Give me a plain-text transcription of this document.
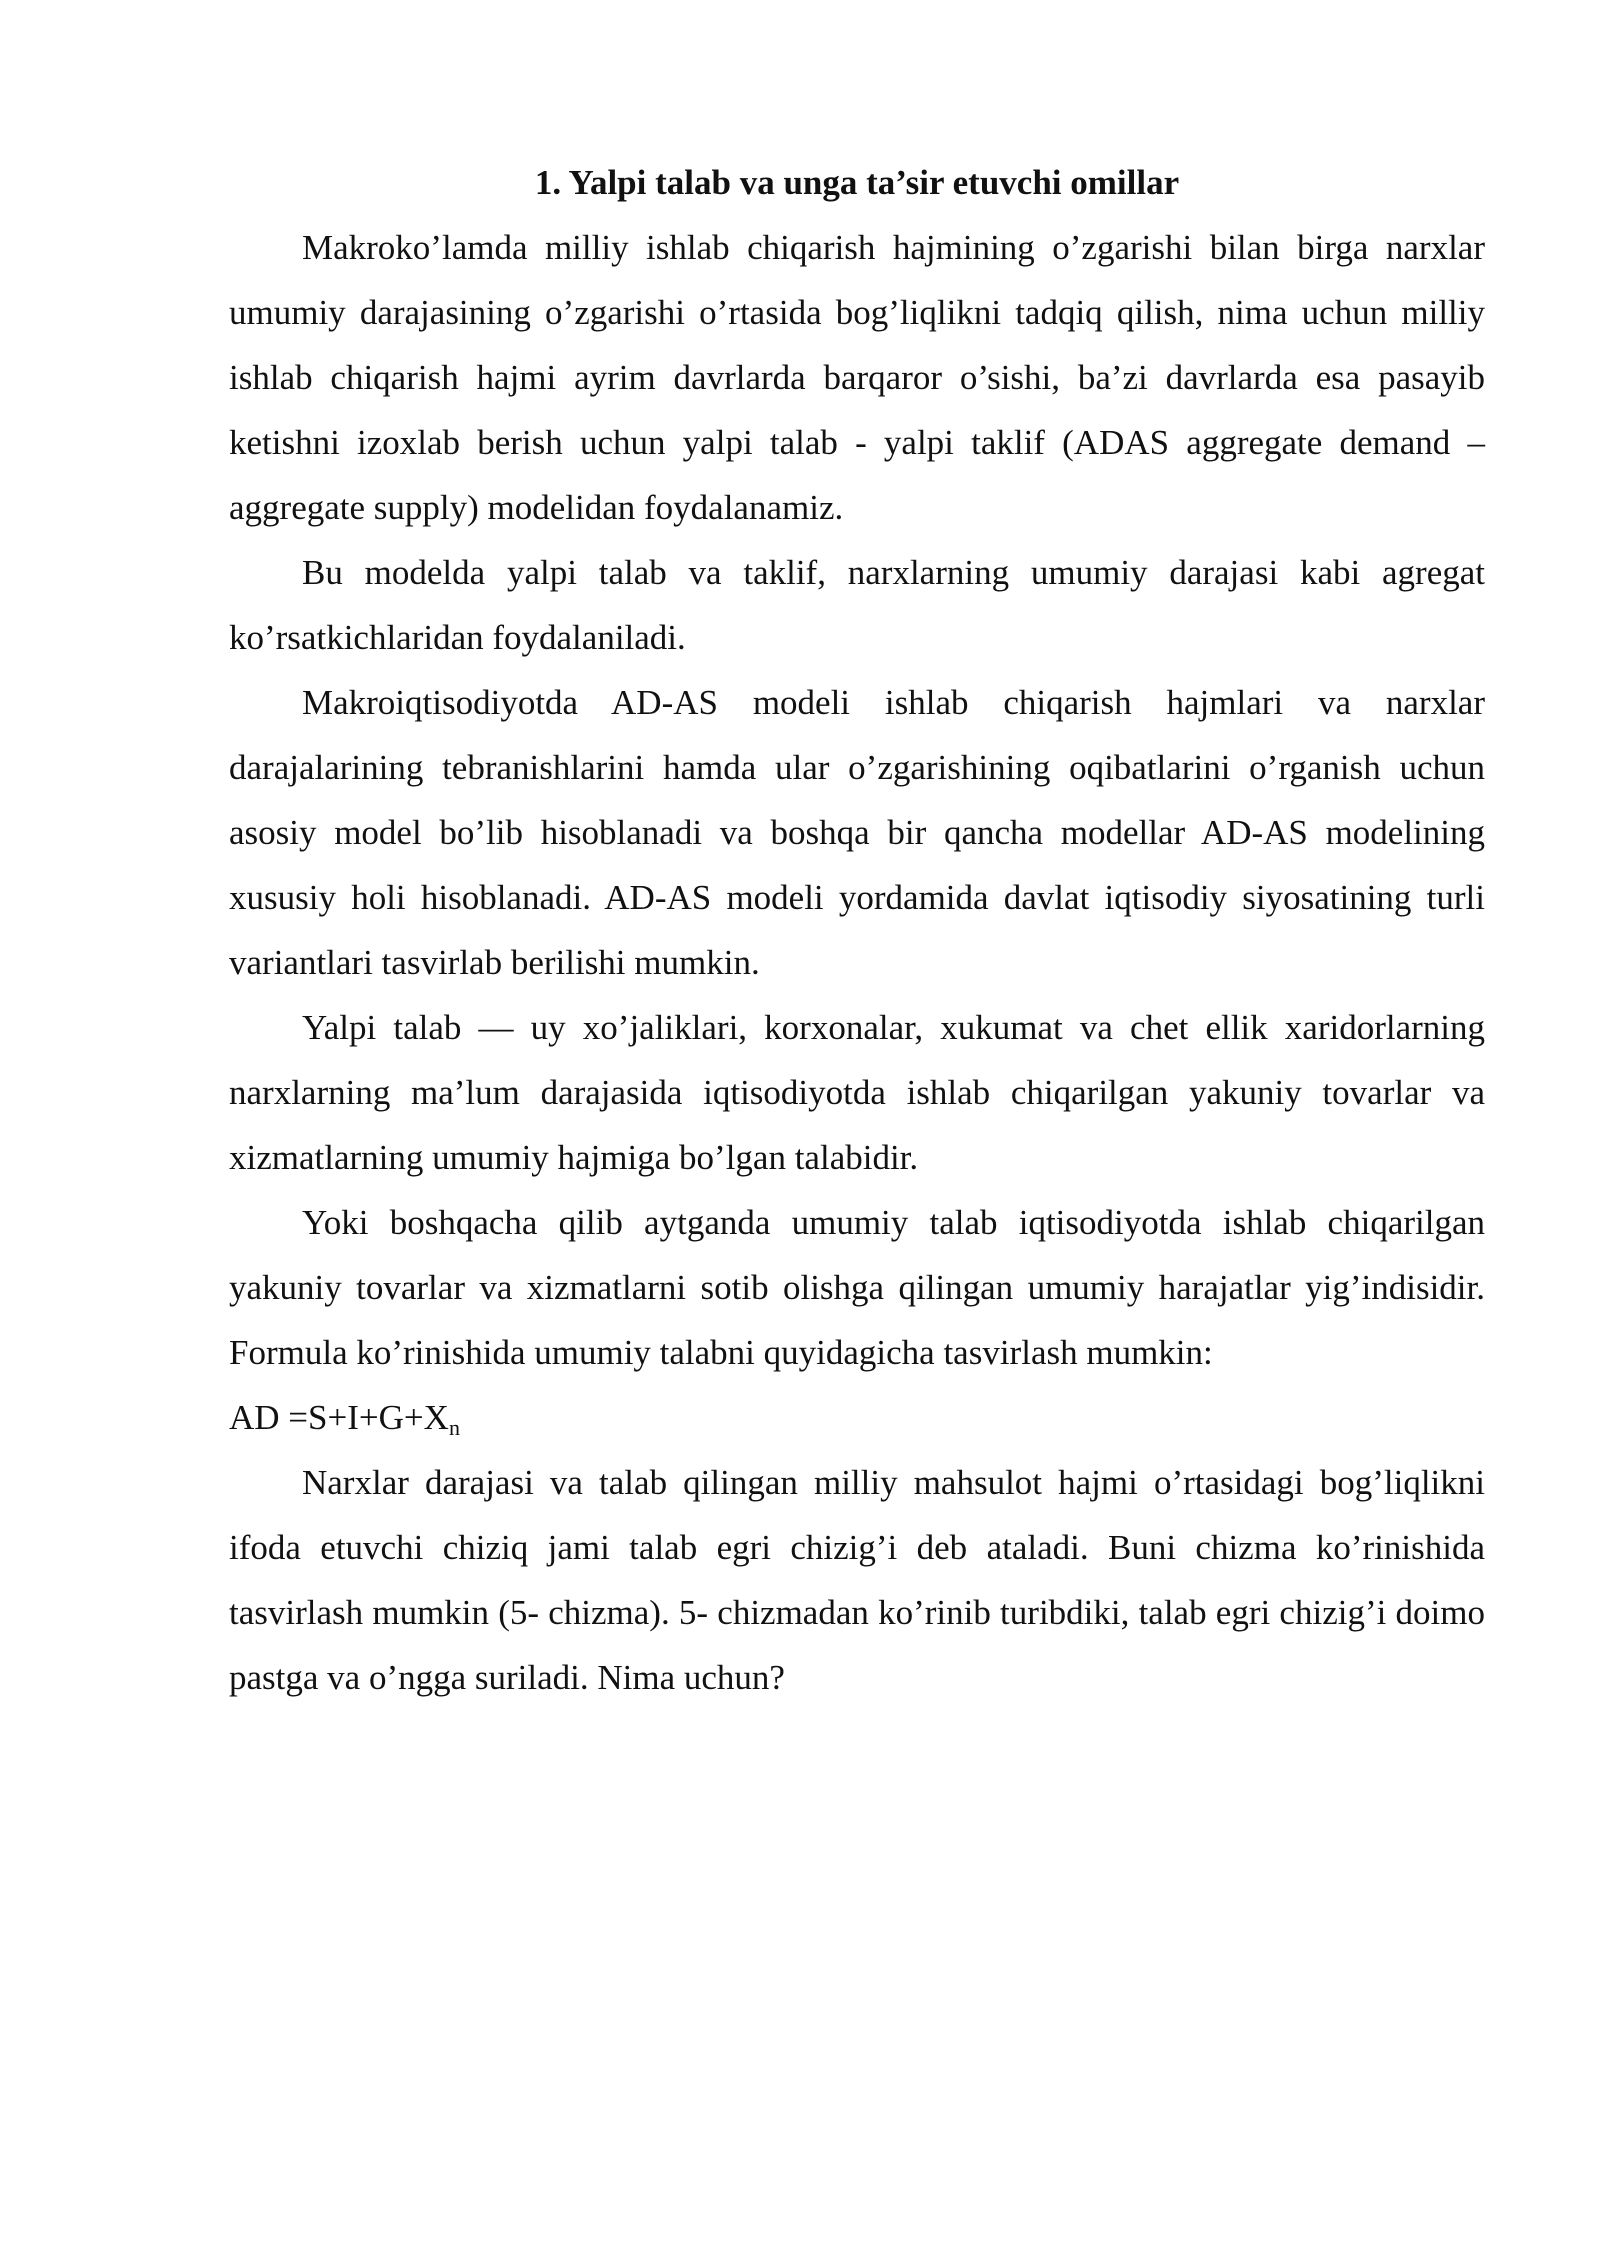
1. Yalpi talab va unga ta’sir etuvchi omillar

Makroko’lamda milliy ishlab chiqarish hajmining o’zgarishi bilan birga narxlar umumiy darajasining o’zgarishi o’rtasida bog’liqlikni tadqiq qilish, nima uchun milliy ishlab chiqarish hajmi ayrim davrlarda barqaror o’sishi, ba’zi davrlarda esa pasayib ketishni izoxlab berish uchun yalpi talab - yalpi taklif (ADAS aggregate demand – aggregate supply) modelidan foydalanamiz.

Bu modelda yalpi talab va taklif, narxlarning umumiy darajasi kabi agregat ko’rsatkichlaridan foydalaniladi.

Makroiqtisodiyotda AD-AS modeli ishlab chiqarish hajmlari va narxlar darajalarining tebranishlarini hamda ular o’zgarishining oqibatlarini o’rganish uchun asosiy model bo’lib hisoblanadi va boshqa bir qancha modellar AD-AS modelining xususiy holi hisoblanadi. AD-AS modeli yordamida davlat iqtisodiy siyosatining turli variantlari tasvirlab berilishi mumkin.

Yalpi talab — uy xo’jaliklari, korxonalar, xukumat va chet ellik xaridorlarning narxlarning ma’lum darajasida iqtisodiyotda ishlab chiqarilgan yakuniy tovarlar va xizmatlarning umumiy hajmiga bo’lgan talabidir.

Yoki boshqacha qilib aytganda umumiy talab iqtisodiyotda ishlab chiqarilgan yakuniy tovarlar va xizmatlarni sotib olishga qilingan umumiy harajatlar yig’indisidir. Formula ko’rinishida umumiy talabni quyidagicha tasvirlash mumkin:

AD $=S+I+G+X_n$

Narxlar darajasi va talab qilingan milliy mahsulot hajmi o’rtasidagi bog’liqlikni ifoda etuvchi chiziq jami talab egri chizig’i deb ataladi. Buni chizma ko’rinishida tasvirlash mumkin (5- chizma). 5- chizmadan ko’rinib turibdiki, talab egri chizig’i doimo pastga va o’ngga suriladi. Nima uchun?
